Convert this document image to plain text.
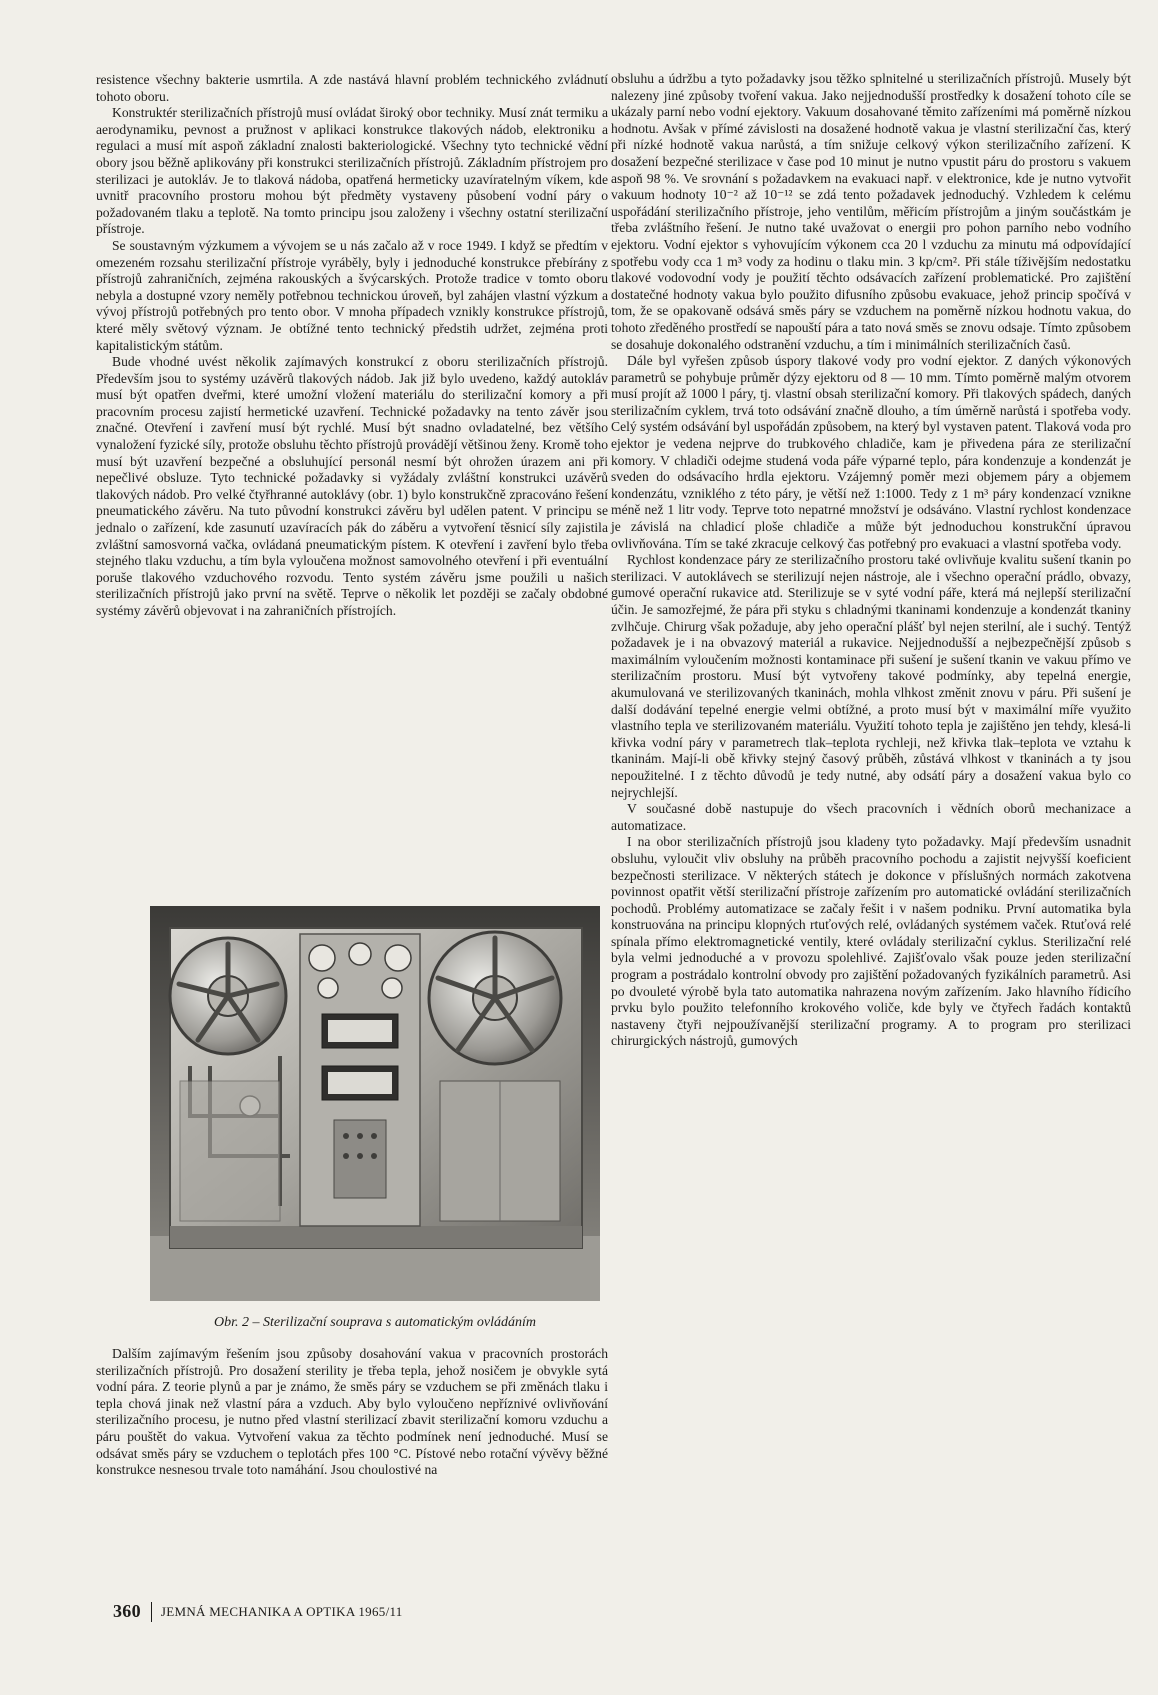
resistence všechny bakterie usmrtila. A zde nastává hlavní problém technického zvládnutí tohoto oboru.

Konstruktér sterilizačních přístrojů musí ovládat široký obor techniky. Musí znát termiku a aerodynamiku, pevnost a pružnost v aplikaci konstrukce tlakových nádob, elektroniku a regulaci a musí mít aspoň základní znalosti bakteriologické. Všechny tyto technické vědní obory jsou běžně aplikovány při konstrukci sterilizačních přístrojů. Základním přístrojem pro sterilizaci je autokláv. Je to tlaková nádoba, opatřená hermeticky uzavíratelným víkem, kde uvnitř pracovního prostoru mohou být předměty vystaveny působení vodní páry o požadovaném tlaku a teplotě. Na tomto principu jsou založeny i všechny ostatní sterilizační přístroje.

Se soustavným výzkumem a vývojem se u nás začalo až v roce 1949. I když se předtím v omezeném rozsahu sterilizační přístroje vyráběly, byly i jednoduché konstrukce přebírány z přístrojů zahraničních, zejména rakouských a švýcarských. Protože tradice v tomto oboru nebyla a dostupné vzory neměly potřebnou technickou úroveň, byl zahájen vlastní výzkum a vývoj přístrojů potřebných pro tento obor. V mnoha případech vznikly konstrukce přístrojů, které měly světový význam. Je obtížné tento technický předstih udržet, zejména proti kapitalistickým státům.

Bude vhodné uvést několik zajímavých konstrukcí z oboru sterilizačních přístrojů. Především jsou to systémy uzávěrů tlakových nádob. Jak již bylo uvedeno, každý autokláv musí být opatřen dveřmi, které umožní vložení materiálu do sterilizační komory a při pracovním procesu zajistí hermetické uzavření. Technické požadavky na tento závěr jsou značné. Otevření i zavření musí být rychlé. Musí být snadno ovladatelné, bez většího vynaložení fyzické síly, protože obsluhu těchto přístrojů provádějí většinou ženy. Kromě toho musí být uzavření bezpečné a obsluhující personál nesmí být ohrožen úrazem ani při nepečlivé obsluze. Tyto technické požadavky si vyžádaly zvláštní konstrukci uzávěrů tlakových nádob. Pro velké čtyřhranné autoklávy (obr. 1) bylo konstrukčně zpracováno řešení pneumatického závěru. Na tuto původní konstrukci závěru byl udělen patent. V principu se jednalo o zařízení, kde zasunutí uzavíracích pák do záběru a vytvoření těsnicí síly zajistila zvláštní samosvorná vačka, ovládaná pneumatickým pístem. K otevření i zavření bylo třeba stejného tlaku vzduchu, a tím byla vyloučena možnost samovolného otevření i při eventuální poruše tlakového vzduchového rozvodu. Tento systém závěru jsme použili u našich sterilizačních přístrojů jako první na světě. Teprve o několik let později se začaly obdobné systémy závěrů objevovat i na zahraničních přístrojích.

Obr. 2 – Sterilizační souprava s automatickým ovládáním

Dalším zajímavým řešením jsou způsoby dosahování vakua v pracovních prostorách sterilizačních přístrojů. Pro dosažení sterility je třeba tepla, jehož nosičem je obvykle sytá vodní pára. Z teorie plynů a par je známo, že směs páry se vzduchem se při změnách tlaku i tepla chová jinak než vlastní pára a vzduch. Aby bylo vyloučeno nepříznivé ovlivňování sterilizačního procesu, je nutno před vlastní sterilizací zbavit sterilizační komoru vzduchu a páru pouštět do vakua. Vytvoření vakua za těchto podmínek není jednoduché. Musí se odsávat směs páry se vzduchem o teplotách přes 100 °C. Pístové nebo rotační vývěvy běžné konstrukce nesnesou trvale toto namáhání. Jsou choulostivé na

obsluhu a údržbu a tyto požadavky jsou těžko splnitelné u sterilizačních přístrojů. Musely být nalezeny jiné způsoby tvoření vakua. Jako nejjednodušší prostředky k dosažení tohoto cíle se ukázaly parní nebo vodní ejektory. Vakuum dosahované těmito zařízeními má poměrně nízkou hodnotu. Avšak v přímé závislosti na dosažené hodnotě vakua je vlastní sterilizační čas, který při nízké hodnotě vakua narůstá, a tím snižuje celkový výkon sterilizačního zařízení. K dosažení bezpečné sterilizace v čase pod 10 minut je nutno vpustit páru do prostoru s vakuem aspoň 98 %. Ve srovnání s požadavkem na evakuaci např. v elektronice, kde je nutno vytvořit vakuum hodnoty 10⁻² až 10⁻¹² se zdá tento požadavek jednoduchý. Vzhledem k celému uspořádání sterilizačního přístroje, jeho ventilům, měřicím přístrojům a jiným součástkám je třeba zvláštního řešení. Je nutno také uvažovat o energii pro pohon parního nebo vodního ejektoru. Vodní ejektor s vyhovujícím výkonem cca 20 l vzduchu za minutu má odpovídající spotřebu vody cca 1 m³ vody za hodinu o tlaku min. 3 kp/cm². Při stále tíživějším nedostatku tlakové vodovodní vody je použití těchto odsávacích zařízení problematické. Pro zajištění dostatečné hodnoty vakua bylo použito difusního způsobu evakuace, jehož princip spočívá v tom, že se opakovaně odsává směs páry se vzduchem na poměrně nízkou hodnotu vakua, do tohoto zředěného prostředí se napouští pára a tato nová směs se znovu odsaje. Tímto způsobem se dosahuje dokonalého odstranění vzduchu, a tím i minimálních sterilizačních časů.

Dále byl vyřešen způsob úspory tlakové vody pro vodní ejektor. Z daných výkonových parametrů se pohybuje průměr dýzy ejektoru od 8 — 10 mm. Tímto poměrně malým otvorem musí projít až 1000 l páry, tj. vlastní obsah sterilizační komory. Při tlakových spádech, daných sterilizačním cyklem, trvá toto odsávání značně dlouho, a tím úměrně narůstá i spotřeba vody. Celý systém odsávání byl uspořádán způsobem, na který byl vystaven patent. Tlaková voda pro ejektor je vedena nejprve do trubkového chladiče, kam je přivedena pára ze sterilizační komory. V chladiči odejme studená voda páře výparné teplo, pára kondenzuje a kondenzát je sveden do odsávacího hrdla ejektoru. Vzájemný poměr mezi objemem páry a objemem kondenzátu, vzniklého z této páry, je větší než 1:1000. Tedy z 1 m³ páry kondenzací vznikne méně než 1 litr vody. Teprve toto nepatrné množství je odsáváno. Vlastní rychlost kondenzace je závislá na chladicí ploše chladiče a může být jednoduchou konstrukční úpravou ovlivňována. Tím se také zkracuje celkový čas potřebný pro evakuaci a vlastní spotřeba vody.

Rychlost kondenzace páry ze sterilizačního prostoru také ovlivňuje kvalitu sušení tkanin po sterilizaci. V autoklávech se sterilizují nejen nástroje, ale i všechno operační prádlo, obvazy, gumové operační rukavice atd. Sterilizuje se v syté vodní páře, která má nejlepší sterilizační účin. Je samozřejmé, že pára při styku s chladnými tkaninami kondenzuje a kondenzát tkaniny zvlhčuje. Chirurg však požaduje, aby jeho operační plášť byl nejen sterilní, ale i suchý. Tentýž požadavek je i na obvazový materiál a rukavice. Nejjednodušší a nejbezpečnější způsob s maximálním vyloučením možnosti kontaminace při sušení je sušení tkanin ve vakuu přímo ve sterilizačním prostoru. Musí být vytvořeny takové podmínky, aby tepelná energie, akumulovaná ve sterilizovaných tkaninách, mohla vlhkost změnit znovu v páru. Při sušení je další dodávání tepelné energie velmi obtížné, a proto musí být v maximální míře využito vlastního tepla ve sterilizovaném materiálu. Využití tohoto tepla je zajištěno jen tehdy, klesá-li křivka vodní páry v parametrech tlak–teplota rychleji, než křivka tlak–teplota ve vztahu k tkaninám. Mají-li obě křivky stejný časový průběh, zůstává vlhkost v tkaninách a ty jsou nepoužitelné. I z těchto důvodů je tedy nutné, aby odsátí páry a dosažení vakua bylo co nejrychlejší.

V současné době nastupuje do všech pracovních i vědních oborů mechanizace a automatizace.

I na obor sterilizačních přístrojů jsou kladeny tyto požadavky. Mají především usnadnit obsluhu, vyloučit vliv obsluhy na průběh pracovního pochodu a zajistit nejvyšší koeficient bezpečnosti sterilizace. V některých státech je dokonce v příslušných normách zakotvena povinnost opatřit větší sterilizační přístroje zařízením pro automatické ovládání sterilizačních pochodů. Problémy automatizace se začaly řešit i v našem podniku. První automatika byla konstruována na principu klopných rtuťových relé, ovládaných systémem vaček. Rtuťová relé spínala přímo elektromagnetické ventily, které ovládaly sterilizační cyklus. Sterilizační relé byla velmi jednoduché a v provozu spolehlivé. Zajišťovalo však pouze jeden sterilizační program a postrádalo kontrolní obvody pro zajištění požadovaných fyzikálních parametrů. Asi po dvouleté výrobě byla tato automatika nahrazena novým zařízením. Jako hlavního řídicího prvku bylo použito telefonního krokového voliče, kde byly ve čtyřech řadách kontaktů nastaveny čtyři nejpoužívanější sterilizační programy. A to program pro sterilizaci chirurgických nástrojů, gumových

360 JEMNÁ MECHANIKA A OPTIKA 1965/11
